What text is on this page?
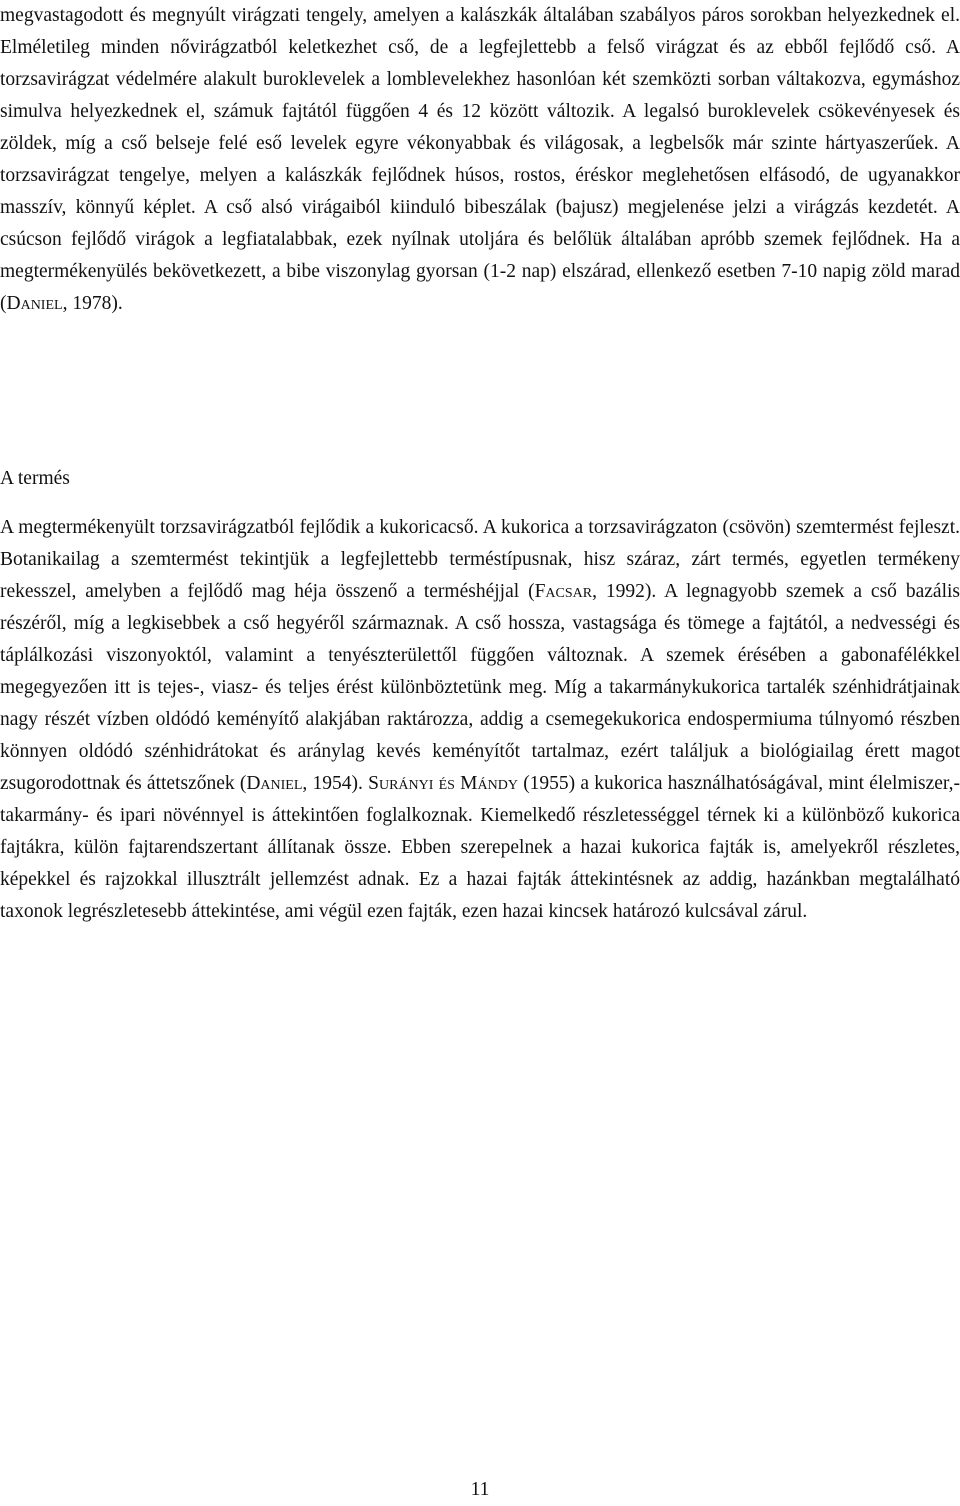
megvastagodott és megnyúlt virágzati tengely, amelyen a kalászkák általában szabályos páros sorokban helyezkednek el. Elméletileg minden nővirágzatból keletkezhet cső, de a legfejlettebb a felső virágzat és az ebből fejlődő cső. A torzsavirágzat védelmére alakult buroklevelek a lomblevelekhez hasonlóan két szemközti sorban váltakozva, egymáshoz simulva helyezkednek el, számuk fajtától függően 4 és 12 között változik. A legalsó buroklevelek csökevényesek és zöldek, míg a cső belseje felé eső levelek egyre vékonyabbak és világosak, a legbelsők már szinte hártyaszerűek. A torzsavirágzat tengelye, melyen a kalászkák fejlődnek húsos, rostos, éréskor meglehetősen elfásodó, de ugyanakkor masszív, könnyű képlet. A cső alsó virágaiból kiinduló bibeszálak (bajusz) megjelenése jelzi a virágzás kezdetét. A csúcson fejlődő virágok a legfiatalabbak, ezek nyílnak utoljára és belőlük általában apróbb szemek fejlődnek. Ha a megtermékenyülés bekövetkezett, a bibe viszonylag gyorsan (1-2 nap) elszárad, ellenkező esetben 7-10 napig zöld marad (Daniel, 1978).

A termés

A megtermékenyült torzsavirágzatból fejlődik a kukoricacső. A kukorica a torzsavirágzaton (csövön) szemtermést fejleszt. Botanikailag a szemtermést tekintjük a legfejlettebb terméstípusnak, hisz száraz, zárt termés, egyetlen termékeny rekesszel, amelyben a fejlődő mag héja összenő a terméshéjjal (Facsar, 1992). A legnagyobb szemek a cső bazális részéről, míg a legkisebbek a cső hegyéről származnak. A cső hossza, vastagsága és tömege a fajtától, a nedvességi és táplálkozási viszonyoktól, valamint a tenyészterülettől függően változnak. A szemek érésében a gabonafélékkel megegyezően itt is tejes-, viasz- és teljes érést különböztetünk meg. Míg a takarmánykukorica tartalék szénhidrátjainak nagy részét vízben oldódó keményítő alakjában raktározza, addig a csemegekukorica endospermiuma túlnyomó részben könnyen oldódó szénhidrátokat és aránylag kevés keményítőt tartalmaz, ezért találjuk a biológiailag érett magot zsugorodottnak és áttetszőnek (Daniel, 1954). Surányi és Mándy (1955) a kukorica használhatóságával, mint élelmiszer,- takarmány- és ipari növénnyel is áttekintően foglalkoznak. Kiemelkedő részletességgel térnek ki a különböző kukorica fajtákra, külön fajtarendszertant állítanak össze. Ebben szerepelnek a hazai kukorica fajták is, amelyekről részletes, képekkel és rajzokkal illusztrált jellemzést adnak. Ez a hazai fajták áttekintésnek az addig, hazánkban megtalálható taxonok legrészletesebb áttekintése, ami végül ezen fajták, ezen hazai kincsek határozó kulcsával zárul.

11
